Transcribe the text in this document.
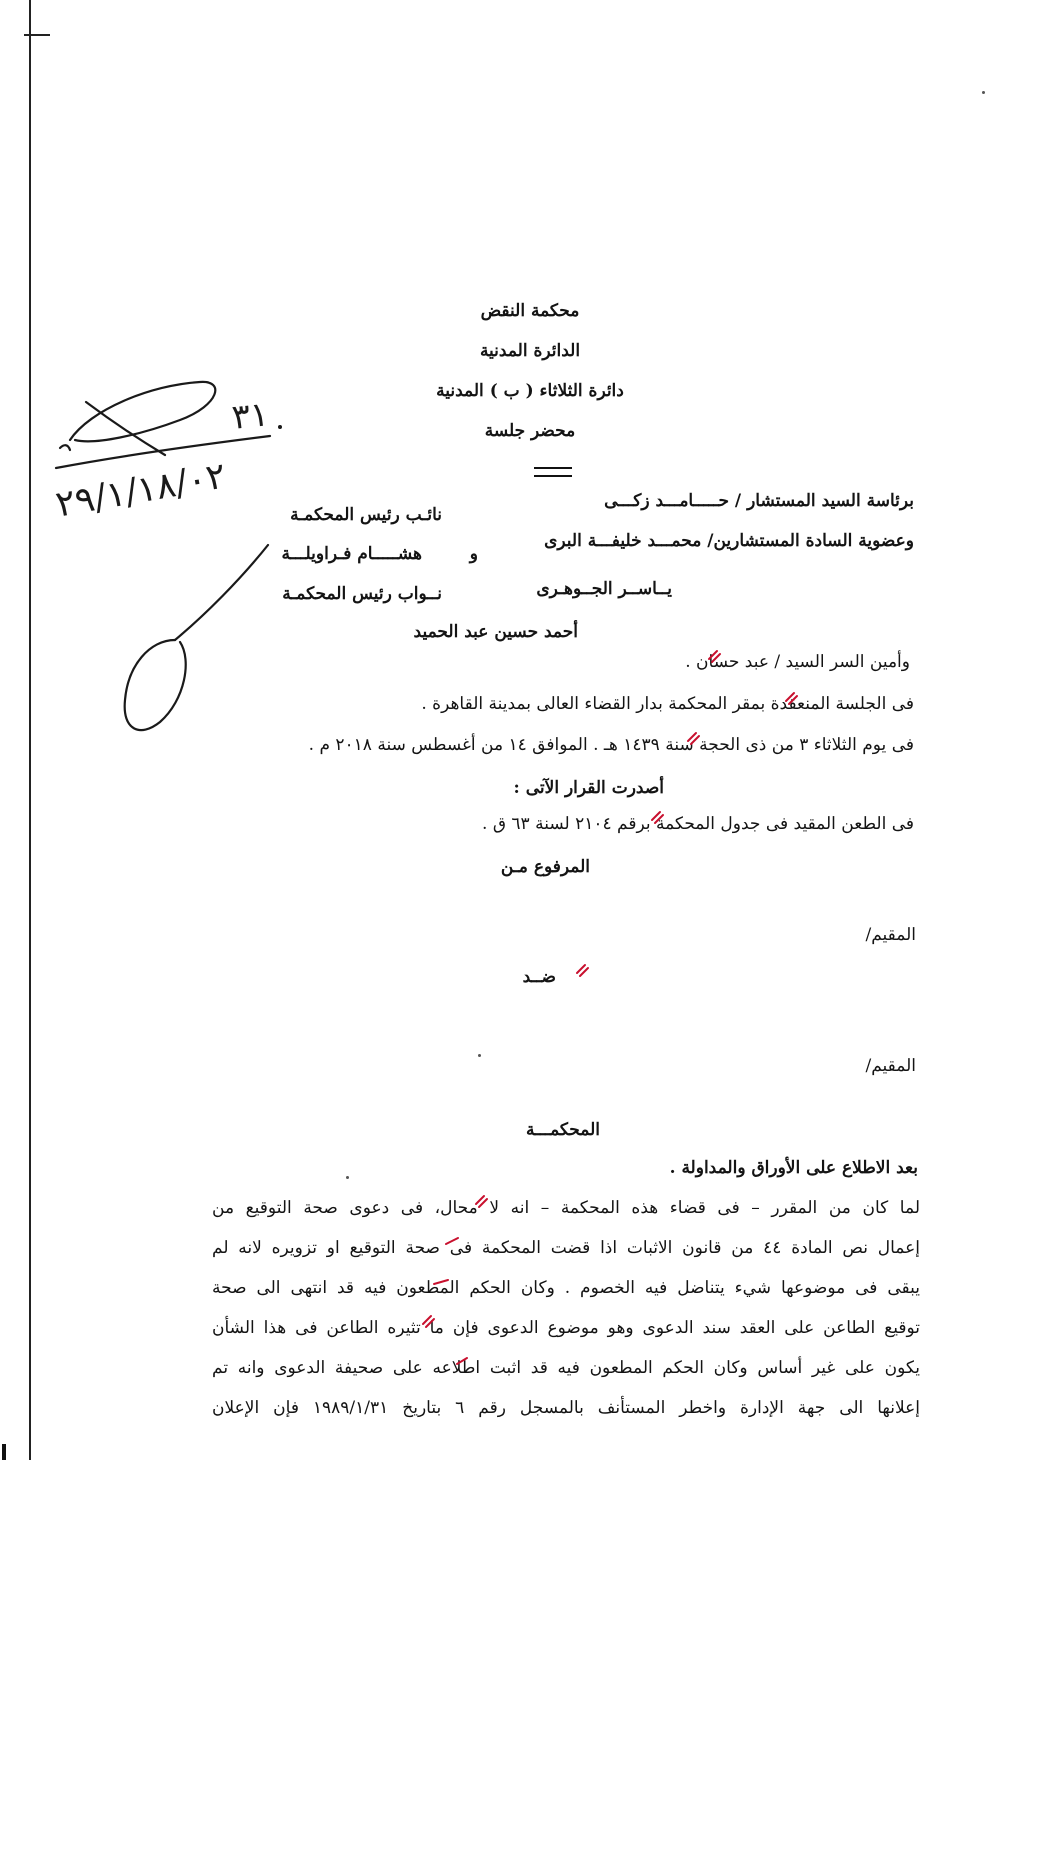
٣١
٢٩/١/١٨/٠٢
محكمة النقض
الدائرة المدنية
دائرة الثلاثاء ( ب ) المدنية
محضر جلسة
برئاسة السيد المستشار / حـــــامـــد زكـــى
نائـب رئيس المحكمـة
وعضوية السادة المستشارين/ محمـــد خليفـــة البرى
و
هشـــــام فـراويلـــة
يــاســر الجــوهـرى
نــواب رئيس المحكمـة
أحمد حسين عبد الحميد
وأمين السر السيد / عبد حسان .
فى الجلسة المنعقدة بمقر المحكمة بدار القضاء العالى بمدينة القاهرة .
فى يوم الثلاثاء ٣ من ذى الحجة سنة ١٤٣٩ هـ . الموافق ١٤ من أغسطس سنة ٢٠١٨ م .
أصدرت القرار الآتى :
فى الطعن المقيد فى جدول المحكمة برقم ٢١٠٤ لسنة ٦٣ ق .
المرفوع مـن
المقيم/
ضــد
المقيم/
المحكمـــة
بعد الاطلاع على الأوراق والمداولة .
لما كان من المقرر – فى قضاء هذه المحكمة – انه لا محال، فى دعوى صحة التوقيع من
إعمال نص المادة ٤٤ من قانون الاثبات اذا قضت المحكمة فى صحة التوقيع او تزويره لانه لم
يبقى فى موضوعها شيء يتناضل فيه الخصوم . وكان الحكم المطعون فيه قد انتهى الى صحة
توقيع الطاعن على العقد سند الدعوى وهو موضوع الدعوى فإن ما تثيره الطاعن فى هذا الشأن
يكون على غير أساس وكان الحكم المطعون فيه قد اثبت اطلاعه على صحيفة الدعوى وانه تم
إعلانها الى جهة الإدارة واخطر المستأنف بالمسجل رقم ٦ بتاريخ ١٩٨٩/١/٣١ فإن الإعلان
